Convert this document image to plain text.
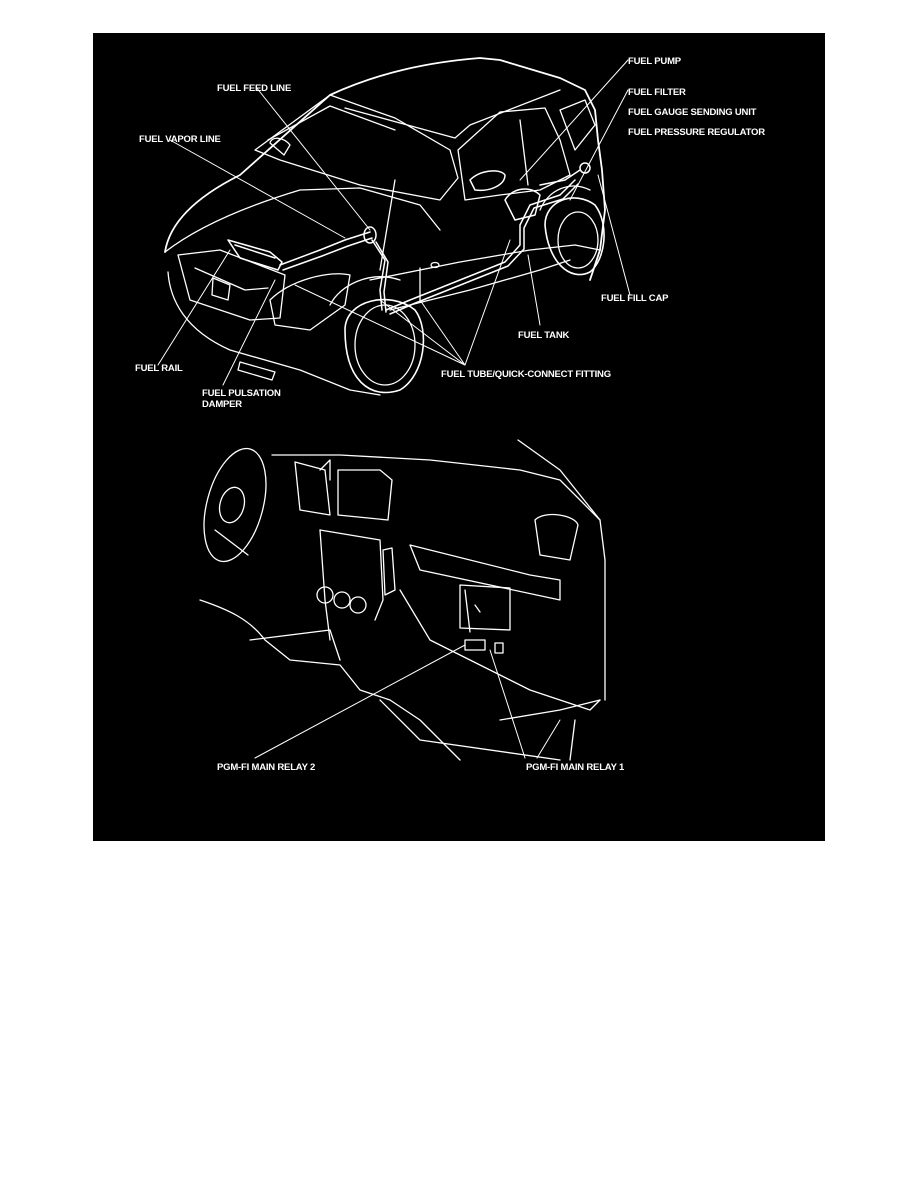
FUEL PUMP
FUEL FILTER
FUEL GAUGE SENDING UNIT
FUEL PRESSURE REGULATOR
FUEL FEED LINE
FUEL VAPOR LINE
FUEL FILL CAP
FUEL TANK
FUEL RAIL
FUEL PULSATION
DAMPER
FUEL TUBE/QUICK-CONNECT FITTING
PGM-FI MAIN RELAY 2	PGM-FI MAIN RELAY 1
